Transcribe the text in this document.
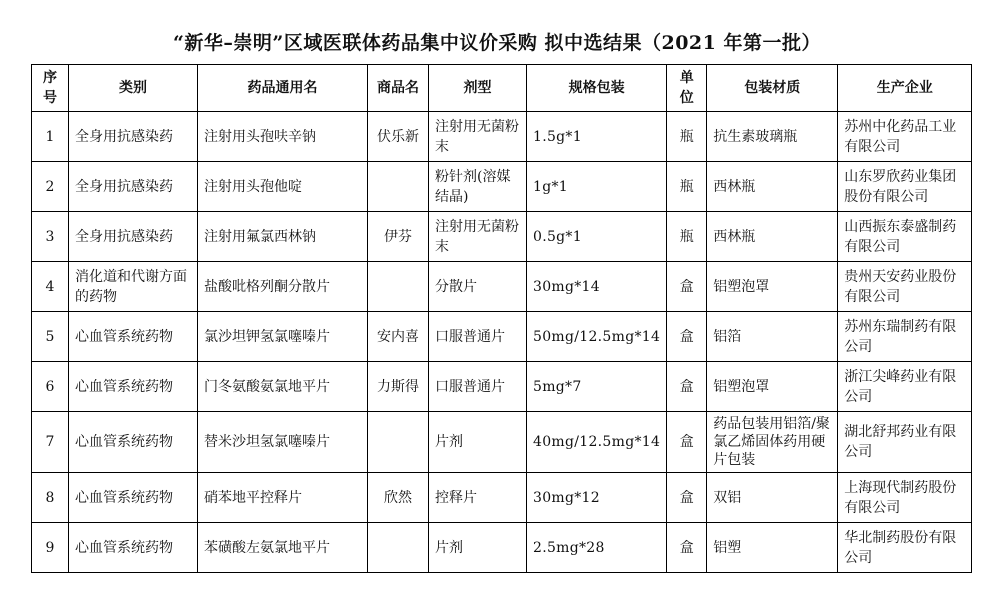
“新华–崇明”区域医联体药品集中议价采购 拟中选结果（2021 年第一批）
序号	类别	药品通用名	商品名	剂型	规格包装	单位	包装材质	生产企业
1	全身用抗感染药	注射用头孢呋辛钠	伏乐新	注射用无菌粉末	1.5g*1	瓶	抗生素玻璃瓶	苏州中化药品工业有限公司
2	全身用抗感染药	注射用头孢他啶		粉针剂(溶媒结晶)	1g*1	瓶	西林瓶	山东罗欣药业集团股份有限公司
3	全身用抗感染药	注射用氟氯西林钠	伊芬	注射用无菌粉末	0.5g*1	瓶	西林瓶	山西振东泰盛制药有限公司
4	消化道和代谢方面的药物	盐酸吡格列酮分散片		分散片	30mg*14	盒	铝塑泡罩	贵州天安药业股份有限公司
5	心血管系统药物	氯沙坦钾氢氯噻嗪片	安内喜	口服普通片	50mg/12.5mg*14	盒	铝箔	苏州东瑞制药有限公司
6	心血管系统药物	门冬氨酸氨氯地平片	力斯得	口服普通片	5mg*7	盒	铝塑泡罩	浙江尖峰药业有限公司
7	心血管系统药物	替米沙坦氢氯噻嗪片		片剂	40mg/12.5mg*14	盒	药品包装用铝箔/聚氯乙烯固体药用硬片包装	湖北舒邦药业有限公司
8	心血管系统药物	硝苯地平控释片	欣然	控释片	30mg*12	盒	双铝	上海现代制药股份有限公司
9	心血管系统药物	苯磺酸左氨氯地平片		片剂	2.5mg*28	盒	铝塑	华北制药股份有限公司
